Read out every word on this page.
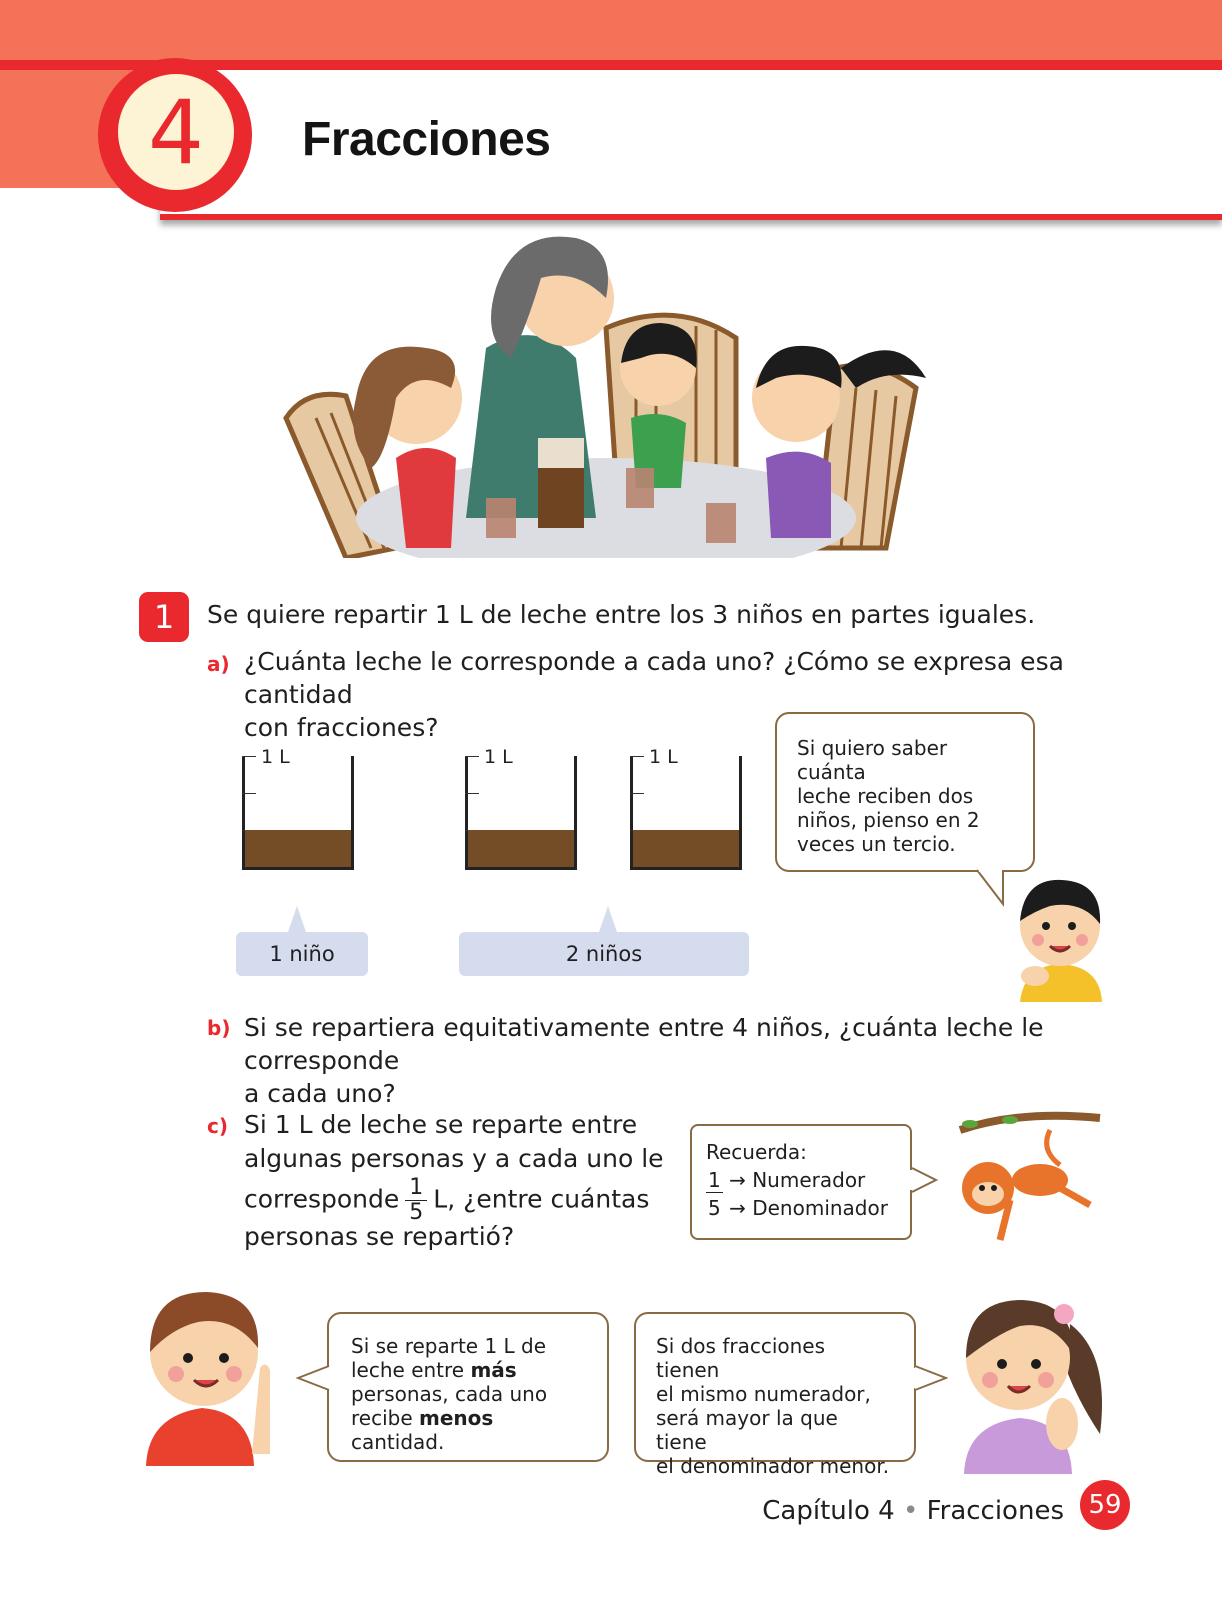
4	Fracciones
1	Se quiere repartir 1 L de leche entre los 3 niños en partes iguales.
a) ¿Cuánta leche le corresponde a cada uno? ¿Cómo se expresa esa cantidad
con fracciones?
1 L	1 L	1 L
1 niño	2 niños
Si quiero saber cuánta
leche reciben dos
niños, pienso en 2
veces un tercio.
b) Si se repartiera equitativamente entre 4 niños, ¿cuánta leche le corresponde
a cada uno?
c) Si 1 L de leche se reparte entre
algunas personas y a cada uno le
corresponde $\frac{1}{5} L$, ¿entre cuántas
personas se repartió?
Recuerda:
1 → Numerador
5 → Denominador
Si se reparte 1 L de
leche entre más
personas, cada uno
recibe menos cantidad.
Si dos fracciones tienen
el mismo numerador,
será mayor la que tiene
el denominador menor.
Capítulo 4 • Fracciones 59
